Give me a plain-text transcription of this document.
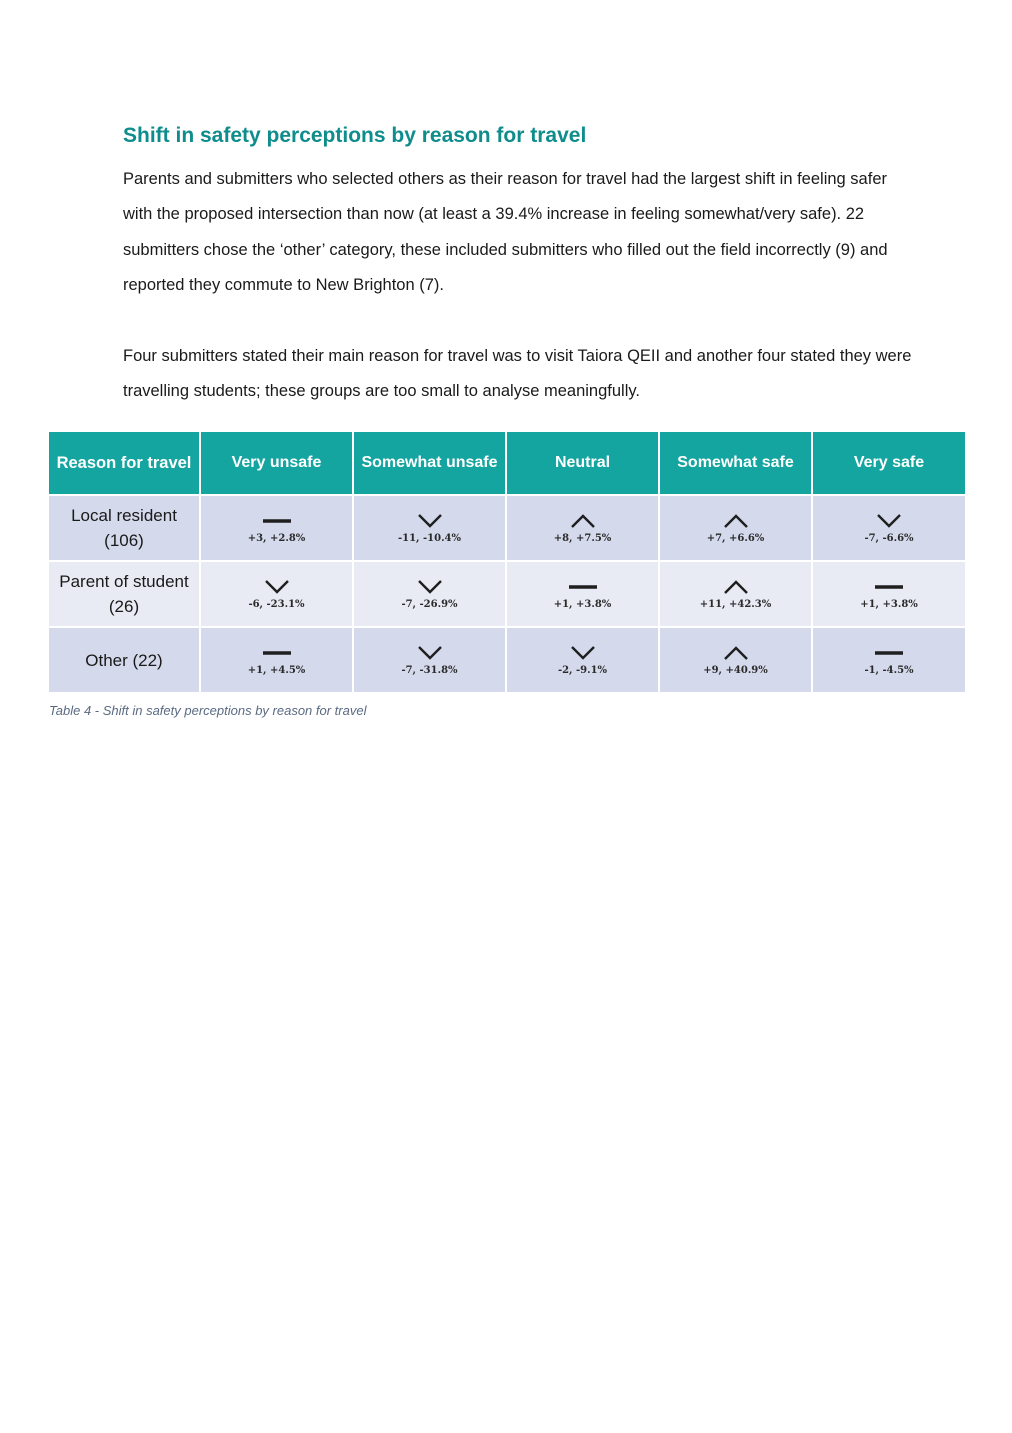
Shift in safety perceptions by reason for travel

Parents and submitters who selected others as their reason for travel had the largest shift in feeling safer with the proposed intersection than now (at least a 39.4% increase in feeling somewhat/very safe). 22 submitters chose the ‘other’ category, these included submitters who filled out the field incorrectly (9) and reported they commute to New Brighton (7).

Four submitters stated their main reason for travel was to visit Taiora QEII and another four stated they were travelling students; these groups are too small to analyse meaningfully.

Reason for travel	Very unsafe	Somewhat unsafe	Neutral	Somewhat safe	Very safe
Local resident
(106)	+3, +2.8%	-11, -10.4%	+8, +7.5%	+7, +6.6%	-7, -6.6%

Parent of student
(26)	-6, -23.1%	-7, -26.9%	+1, +3.8%	+11, +42.3%	+1, +3.8%

Other (22)	+1, +4.5%	-7, -31.8%	-2, -9.1%	+9, +40.9%	-1, -4.5%

Table 4 - Shift in safety perceptions by reason for travel
